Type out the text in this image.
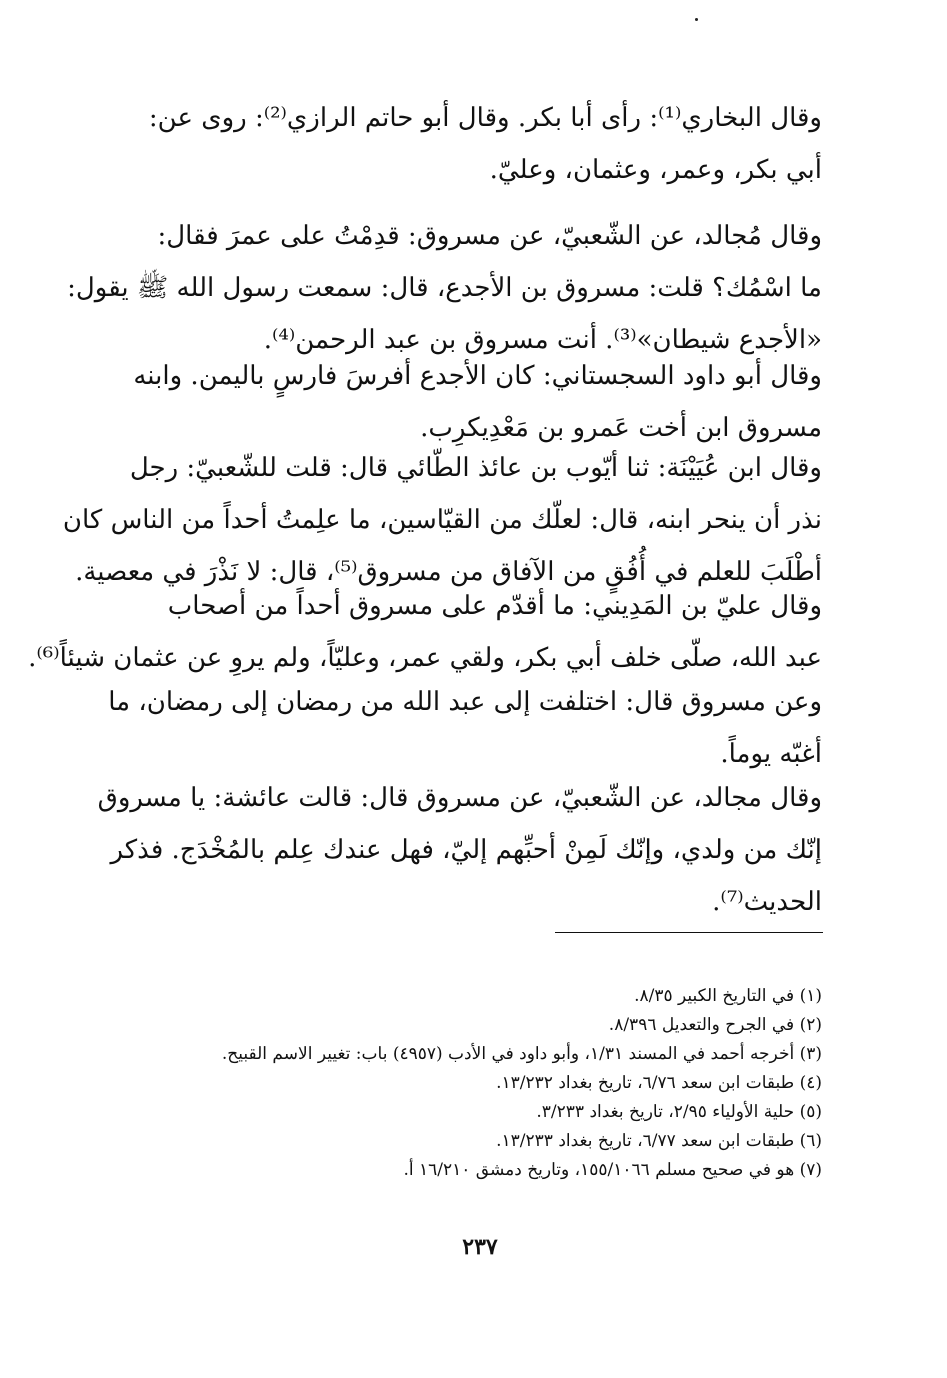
وقال البخاري⁽¹⁾: رأى أبا بكر. وقال أبو حاتم الرازي⁽²⁾: روى عن:
أبي بكر، وعمر، وعثمان، وعليّ.

وقال مُجالد، عن الشّعبيّ، عن مسروق: قدِمْتُ على عمرَ فقال:
ما اسْمُك؟ قلت: مسروق بن الأجدع، قال: سمعت رسول الله ﷺ يقول:
«الأجدع شيطان»⁽³⁾. أنت مسروق بن عبد الرحمن⁽⁴⁾.

وقال أبو داود السجستاني: كان الأجدع أفرسَ فارسٍ باليمن. وابنه
مسروق ابن أخت عَمرو بن مَعْدِيكرِب.

وقال ابن عُيَيْنَة: ثنا أيّوب بن عائذ الطّائي قال: قلت للشّعبيّ: رجل
نذر أن ينحر ابنه، قال: لعلّك من القيّاسين، ما علِمتُ أحداً من الناس كان
أطْلَبَ للعلم في أُفُقٍ من الآفاق من مسروق⁽⁵⁾، قال: لا نَذْرَ في معصية.

وقال عليّ بن المَدِيني: ما أقدّم على مسروق أحداً من أصحاب
عبد الله، صلّى خلف أبي بكر، ولقي عمر، وعليّاً، ولم يروِ عن عثمان شيئاً⁽⁶⁾.

وعن مسروق قال: اختلفت إلى عبد الله من رمضان إلى رمضان، ما
أغبّه يوماً.

وقال مجالد، عن الشّعبيّ، عن مسروق قال: قالت عائشة: يا مسروق
إنّك من ولدي، وإنّك لَمِنْ أحبِّهم إليّ، فهل عندك عِلم بالمُخْدَج. فذكر
الحديث⁽⁷⁾.

(١) في التاريخ الكبير ٨/٣٥.
(٢) في الجرح والتعديل ٨/٣٩٦.
(٣) أخرجه أحمد في المسند ١/٣١، وأبو داود في الأدب (٤٩٥٧) باب: تغيير الاسم القبيح.
(٤) طبقات ابن سعد ٦/٧٦، تاريخ بغداد ١٣/٢٣٢.
(٥) حلية الأولياء ٢/٩٥، تاريخ بغداد ٣/٢٣٣.
(٦) طبقات ابن سعد ٦/٧٧، تاريخ بغداد ١٣/٢٣٣.
(٧) هو في صحيح مسلم ١٥٥/١٠٦٦، وتاريخ دمشق ١٦/٢١٠ أ.
٢٣٧
